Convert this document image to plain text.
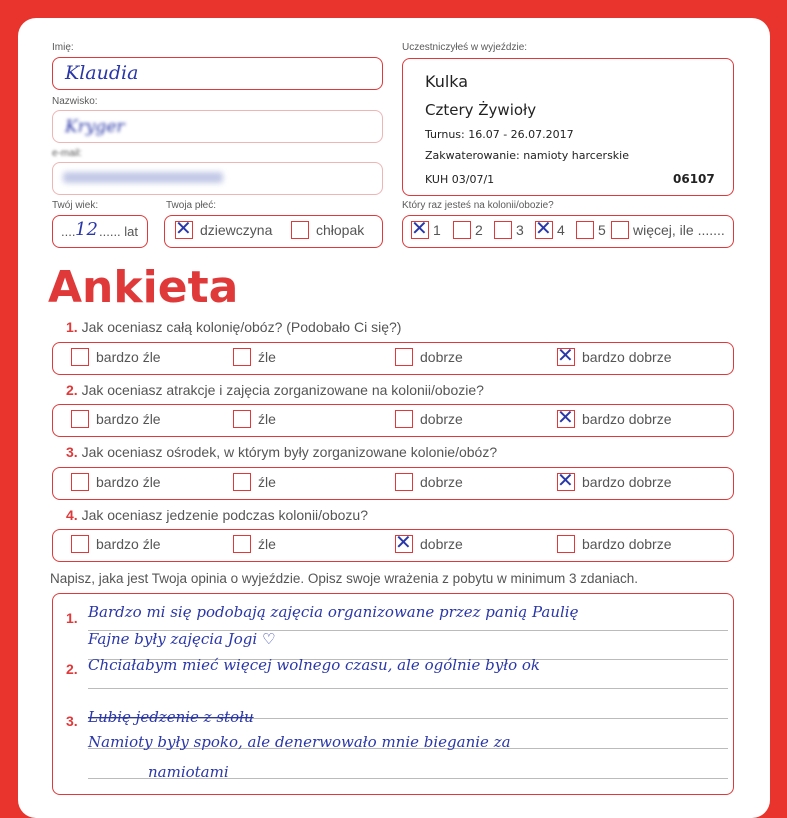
Imię:
Klaudia
Nazwisko:
Kryger
e-mail:
Twój wiek:
.... 12 ...... lat
Twoja płeć:
✕
dziewczyna	chłopak
Uczestniczyłeś w wyjeździe:
Kulka
Cztery Żywioły
Turnus: 16.07 - 26.07.2017
Zakwaterowanie: namioty harcerskie
KUH 03/07/1	06107
Który raz jesteś na kolonii/obozie?
✕
1 2 3 ✕ 4 5 więcej, ile .......
Ankieta
1. Jak oceniasz całą kolonię/obóz? (Podobało Ci się?)
bardzo źle	źle	dobrze ✕	bardzo dobrze
2. Jak oceniasz atrakcje i zajęcia zorganizowane na kolonii/obozie?
bardzo źle	źle	dobrze ✕	bardzo dobrze
3. Jak oceniasz ośrodek, w którym były zorganizowane kolonie/obóz?
bardzo źle	źle	dobrze ✕	bardzo dobrze
4. Jak oceniasz jedzenie podczas kolonii/obozu?
bardzo źle	źle ✕	dobrze	bardzo dobrze
Napisz, jaka jest Twoja opinia o wyjeździe. Opisz swoje wrażenia z pobytu w minimum 3 zdaniach.
1.
2.
3.
Bardzo mi się podobają zajęcia organizowane przez panią Paulię
Fajne były zajęcia Jogi ♡
Chciałabym mieć więcej wolnego czasu, ale ogólnie było ok
Lubię jedzenie z stołu
Namioty były spoko, ale denerwowało mnie bieganie za
namiotami
